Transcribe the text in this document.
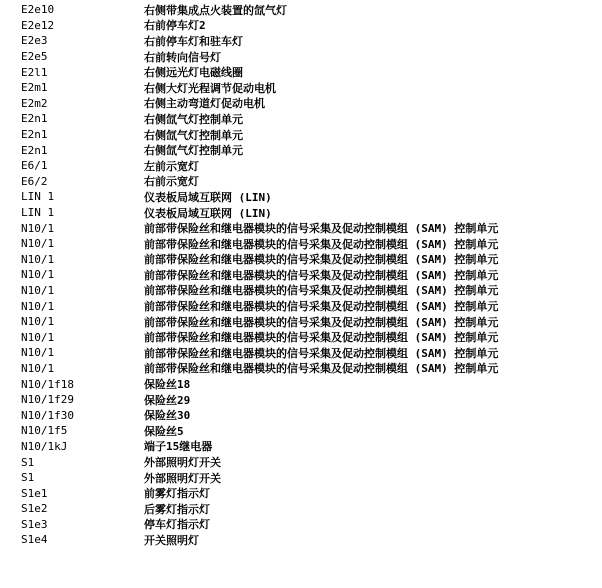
E2e10	右侧带集成点火装置的氙气灯
E2e12	右前停车灯2
E2e3	右前停车灯和驻车灯
E2e5	右前转向信号灯
E2l1	右侧远光灯电磁线圈
E2m1	右侧大灯光程调节促动电机
E2m2	右侧主动弯道灯促动电机
E2n1	右侧氙气灯控制单元
E2n1	右侧氙气灯控制单元
E2n1	右侧氙气灯控制单元
E6/1	左前示宽灯
E6/2	右前示宽灯
LIN 1	仪表板局域互联网 (LIN)
LIN 1	仪表板局域互联网 (LIN)
N10/1	前部带保险丝和继电器模块的信号采集及促动控制模组 (SAM) 控制单元
N10/1	前部带保险丝和继电器模块的信号采集及促动控制模组 (SAM) 控制单元
N10/1	前部带保险丝和继电器模块的信号采集及促动控制模组 (SAM) 控制单元
N10/1	前部带保险丝和继电器模块的信号采集及促动控制模组 (SAM) 控制单元
N10/1	前部带保险丝和继电器模块的信号采集及促动控制模组 (SAM) 控制单元
N10/1	前部带保险丝和继电器模块的信号采集及促动控制模组 (SAM) 控制单元
N10/1	前部带保险丝和继电器模块的信号采集及促动控制模组 (SAM) 控制单元
N10/1	前部带保险丝和继电器模块的信号采集及促动控制模组 (SAM) 控制单元
N10/1	前部带保险丝和继电器模块的信号采集及促动控制模组 (SAM) 控制单元
N10/1	前部带保险丝和继电器模块的信号采集及促动控制模组 (SAM) 控制单元
N10/1f18	保险丝18
N10/1f29	保险丝29
N10/1f30	保险丝30
N10/1f5	保险丝5
N10/1kJ	端子15继电器
S1	外部照明灯开关
S1	外部照明灯开关
S1e1	前雾灯指示灯
S1e2	后雾灯指示灯
S1e3	停车灯指示灯
S1e4	开关照明灯
